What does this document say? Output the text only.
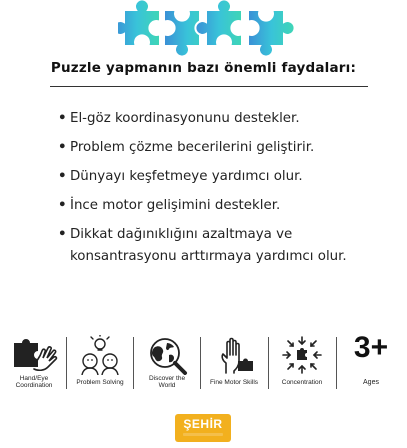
Puzzle yapmanın bazı önemli faydaları:
• El-göz koordinasyonunu destekler.
• Problem çözme becerilerini geliştirir.
• Dünyayı keşfetmeye yardımcı olur.
• İnce motor gelişimini destekler.
• Dikkat dağınıklığını azaltmaya ve konsantrasyonu arttırmaya yardımcı olur.
Hand/Eye
Coordination	Problem Solving
Discover the
World	Fine Motor Skills	Concentration
3+
Ages
ŞEHİR
